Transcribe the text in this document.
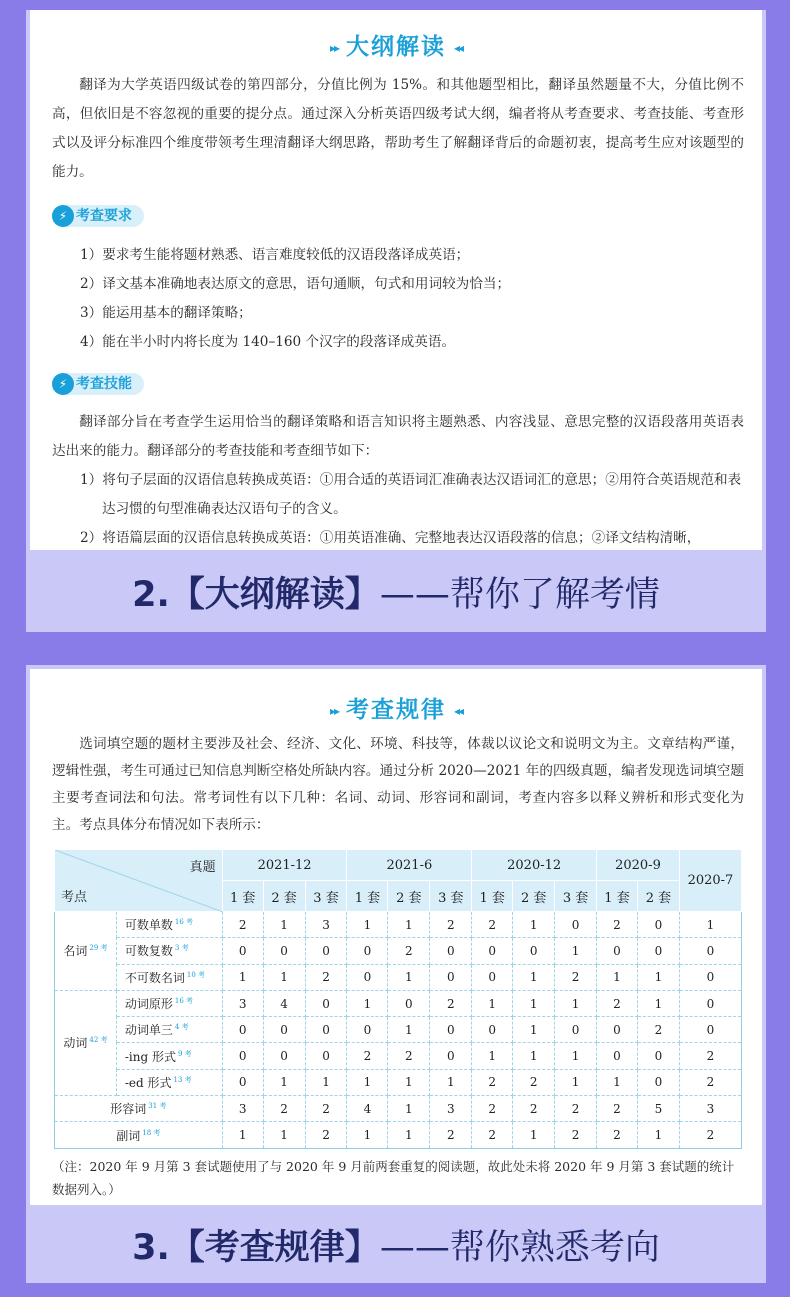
▸▸ 大纲解读 ◂◂
翻译为大学英语四级试卷的第四部分，分值比例为 15%。和其他题型相比，翻译虽然题量不大，分值比例不高，但依旧是不容忽视的重要的提分点。通过深入分析英语四级考试大纲，编者将从考查要求、考查技能、考查形式以及评分标准四个维度带领考生理清翻译大纲思路，帮助考生了解翻译背后的命题初衷，提高考生应对该题型的能力。
⚡ 考查要求
1）要求考生能将题材熟悉、语言难度较低的汉语段落译成英语；
2）译文基本准确地表达原文的意思，语句通顺，句式和用词较为恰当；
3）能运用基本的翻译策略；
4）能在半小时内将长度为 140–160 个汉字的段落译成英语。
⚡ 考查技能
翻译部分旨在考查学生运用恰当的翻译策略和语言知识将主题熟悉、内容浅显、意思完整的汉语段落用英语表达出来的能力。翻译部分的考查技能和考查细节如下：
1）将句子层面的汉语信息转换成英语：①用合适的英语词汇准确表达汉语词汇的意思；②用符合英语规范和表达习惯的句型准确表达汉语句子的含义。
2）将语篇层面的汉语信息转换成英语：①用英语准确、完整地表达汉语段落的信息；②译文结构清晰，
2.【大纲解读】——帮你了解考情
▸▸ 考查规律 ◂◂
选词填空题的题材主要涉及社会、经济、文化、环境、科技等，体裁以议论文和说明文为主。文章结构严谨，逻辑性强，考生可通过已知信息判断空格处所缺内容。通过分析 2020—2021 年的四级真题，编者发现选词填空题主要考查词法和句法。常考词性有以下几种：名词、动词、形容词和副词，考查内容多以释义辨析和形式变化为主。考点具体分布情况如下表所示：
真题
考点		2021-12			2021-6			2020-12			2020-9		2020-7
		1 套	2 套	3 套	1 套	2 套	3 套	1 套	2 套	3 套	1 套	2 套	
名词 $^{29 考}$	可数单数 $^{16 考}$	2	1	3	1	1	2	2	1	0	2	0	1
	可数复数 $^{3 考}$	0	0	0	0	2	0	0	0	1	0	0	0
	不可数名词 $^{10 考}$	1	1	2	0	1	0	0	1	2	1	1	0
动词 $^{42 考}$	动词原形 $^{16 考}$	3	4	0	1	0	2	1	1	1	2	1	0
	动词单三 $^{4 考}$	0	0	0	0	1	0	0	1	0	0	2	0
	-ing 形式 $^{9 考}$	0	0	0	2	2	0	1	1	1	0	0	2
	-ed 形式 $^{13 考}$	0	1	1	1	1	1	2	2	1	1	0	2
形容词 $^{31 考}$		3	2	2	4	1	3	2	2	2	2	5	3
副词 $^{18 考}$		1	1	2	1	1	2	2	1	2	2	1	2
（注：2020 年 9 月第 3 套试题使用了与 2020 年 9 月前两套重复的阅读题，故此处未将 2020 年 9 月第 3 套试题的统计数据列入。）
3.【考查规律】——帮你熟悉考向
